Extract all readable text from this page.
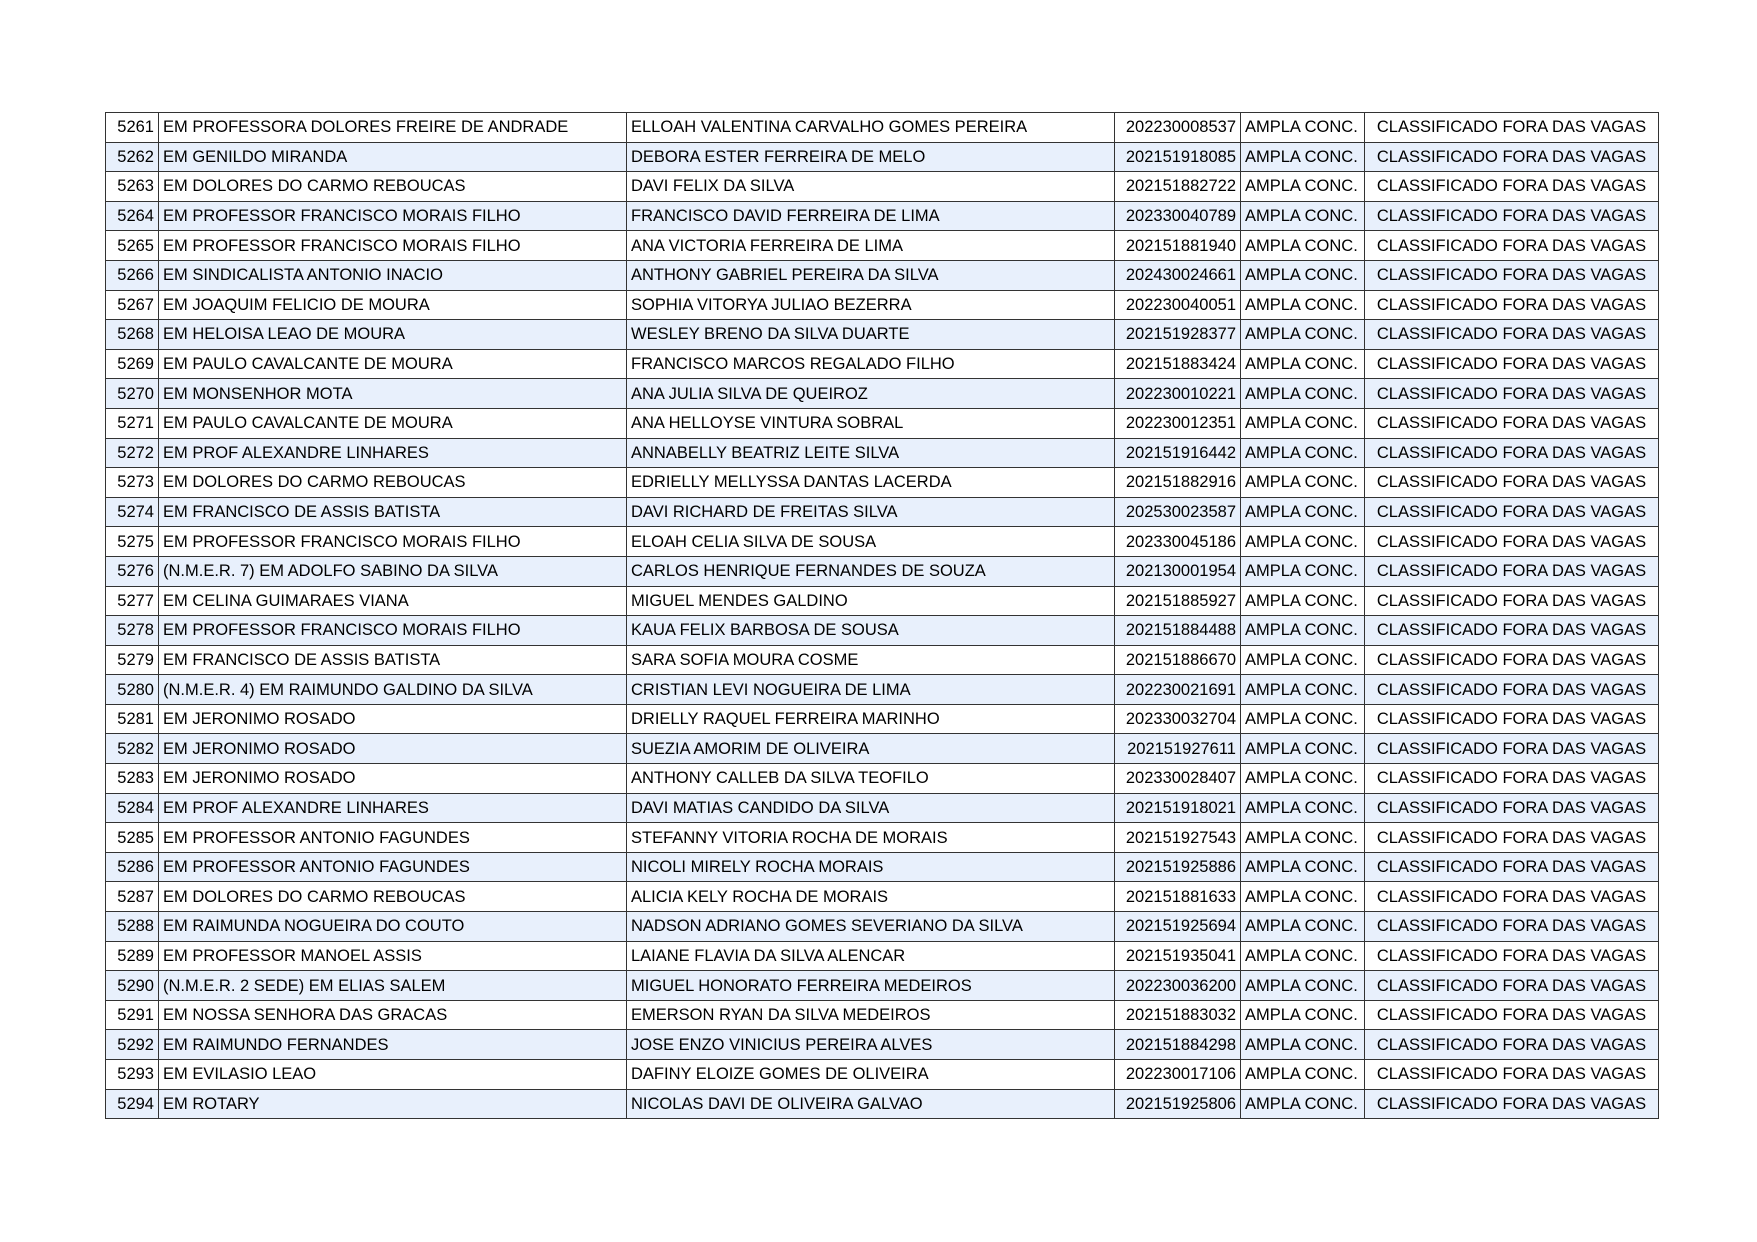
5261	EM PROFESSORA DOLORES FREIRE DE ANDRADE	ELLOAH VALENTINA CARVALHO GOMES PEREIRA	202230008537	AMPLA CONC.	CLASSIFICADO FORA DAS VAGAS
5262	EM GENILDO MIRANDA	DEBORA ESTER FERREIRA DE MELO	202151918085	AMPLA CONC.	CLASSIFICADO FORA DAS VAGAS
5263	EM DOLORES DO CARMO REBOUCAS	DAVI FELIX DA SILVA	202151882722	AMPLA CONC.	CLASSIFICADO FORA DAS VAGAS
5264	EM PROFESSOR FRANCISCO MORAIS FILHO	FRANCISCO DAVID FERREIRA DE LIMA	202330040789	AMPLA CONC.	CLASSIFICADO FORA DAS VAGAS
5265	EM PROFESSOR FRANCISCO MORAIS FILHO	ANA VICTORIA FERREIRA DE LIMA	202151881940	AMPLA CONC.	CLASSIFICADO FORA DAS VAGAS
5266	EM SINDICALISTA ANTONIO INACIO	ANTHONY GABRIEL PEREIRA DA SILVA	202430024661	AMPLA CONC.	CLASSIFICADO FORA DAS VAGAS
5267	EM JOAQUIM FELICIO DE MOURA	SOPHIA VITORYA JULIAO BEZERRA	202230040051	AMPLA CONC.	CLASSIFICADO FORA DAS VAGAS
5268	EM HELOISA LEAO DE MOURA	WESLEY BRENO DA SILVA DUARTE	202151928377	AMPLA CONC.	CLASSIFICADO FORA DAS VAGAS
5269	EM PAULO CAVALCANTE DE MOURA	FRANCISCO MARCOS REGALADO FILHO	202151883424	AMPLA CONC.	CLASSIFICADO FORA DAS VAGAS
5270	EM MONSENHOR MOTA	ANA JULIA SILVA DE QUEIROZ	202230010221	AMPLA CONC.	CLASSIFICADO FORA DAS VAGAS
5271	EM PAULO CAVALCANTE DE MOURA	ANA HELLOYSE VINTURA SOBRAL	202230012351	AMPLA CONC.	CLASSIFICADO FORA DAS VAGAS
5272	EM PROF ALEXANDRE LINHARES	ANNABELLY BEATRIZ LEITE SILVA	202151916442	AMPLA CONC.	CLASSIFICADO FORA DAS VAGAS
5273	EM DOLORES DO CARMO REBOUCAS	EDRIELLY MELLYSSA DANTAS LACERDA	202151882916	AMPLA CONC.	CLASSIFICADO FORA DAS VAGAS
5274	EM FRANCISCO DE ASSIS BATISTA	DAVI RICHARD DE FREITAS SILVA	202530023587	AMPLA CONC.	CLASSIFICADO FORA DAS VAGAS
5275	EM PROFESSOR FRANCISCO MORAIS FILHO	ELOAH CELIA SILVA DE SOUSA	202330045186	AMPLA CONC.	CLASSIFICADO FORA DAS VAGAS
5276	(N.M.E.R. 7) EM ADOLFO SABINO DA SILVA	CARLOS HENRIQUE FERNANDES DE SOUZA	202130001954	AMPLA CONC.	CLASSIFICADO FORA DAS VAGAS
5277	EM CELINA GUIMARAES VIANA	MIGUEL MENDES GALDINO	202151885927	AMPLA CONC.	CLASSIFICADO FORA DAS VAGAS
5278	EM PROFESSOR FRANCISCO MORAIS FILHO	KAUA FELIX BARBOSA DE SOUSA	202151884488	AMPLA CONC.	CLASSIFICADO FORA DAS VAGAS
5279	EM FRANCISCO DE ASSIS BATISTA	SARA SOFIA MOURA COSME	202151886670	AMPLA CONC.	CLASSIFICADO FORA DAS VAGAS
5280	(N.M.E.R. 4) EM RAIMUNDO GALDINO DA SILVA	CRISTIAN LEVI NOGUEIRA DE LIMA	202230021691	AMPLA CONC.	CLASSIFICADO FORA DAS VAGAS
5281	EM JERONIMO ROSADO	DRIELLY RAQUEL FERREIRA MARINHO	202330032704	AMPLA CONC.	CLASSIFICADO FORA DAS VAGAS
5282	EM JERONIMO ROSADO	SUEZIA AMORIM DE OLIVEIRA	202151927611	AMPLA CONC.	CLASSIFICADO FORA DAS VAGAS
5283	EM JERONIMO ROSADO	ANTHONY CALLEB DA SILVA TEOFILO	202330028407	AMPLA CONC.	CLASSIFICADO FORA DAS VAGAS
5284	EM PROF ALEXANDRE LINHARES	DAVI MATIAS CANDIDO DA SILVA	202151918021	AMPLA CONC.	CLASSIFICADO FORA DAS VAGAS
5285	EM PROFESSOR ANTONIO FAGUNDES	STEFANNY VITORIA ROCHA DE MORAIS	202151927543	AMPLA CONC.	CLASSIFICADO FORA DAS VAGAS
5286	EM PROFESSOR ANTONIO FAGUNDES	NICOLI MIRELY ROCHA MORAIS	202151925886	AMPLA CONC.	CLASSIFICADO FORA DAS VAGAS
5287	EM DOLORES DO CARMO REBOUCAS	ALICIA KELY ROCHA DE MORAIS	202151881633	AMPLA CONC.	CLASSIFICADO FORA DAS VAGAS
5288	EM RAIMUNDA NOGUEIRA DO COUTO	NADSON ADRIANO GOMES SEVERIANO DA SILVA	202151925694	AMPLA CONC.	CLASSIFICADO FORA DAS VAGAS
5289	EM PROFESSOR MANOEL ASSIS	LAIANE FLAVIA DA SILVA ALENCAR	202151935041	AMPLA CONC.	CLASSIFICADO FORA DAS VAGAS
5290	(N.M.E.R. 2 SEDE) EM ELIAS SALEM	MIGUEL HONORATO FERREIRA MEDEIROS	202230036200	AMPLA CONC.	CLASSIFICADO FORA DAS VAGAS
5291	EM NOSSA SENHORA DAS GRACAS	EMERSON RYAN DA SILVA MEDEIROS	202151883032	AMPLA CONC.	CLASSIFICADO FORA DAS VAGAS
5292	EM RAIMUNDO FERNANDES	JOSE ENZO VINICIUS PEREIRA ALVES	202151884298	AMPLA CONC.	CLASSIFICADO FORA DAS VAGAS
5293	EM EVILASIO LEAO	DAFINY ELOIZE GOMES DE OLIVEIRA	202230017106	AMPLA CONC.	CLASSIFICADO FORA DAS VAGAS
5294	EM ROTARY	NICOLAS DAVI DE OLIVEIRA GALVAO	202151925806	AMPLA CONC.	CLASSIFICADO FORA DAS VAGAS
